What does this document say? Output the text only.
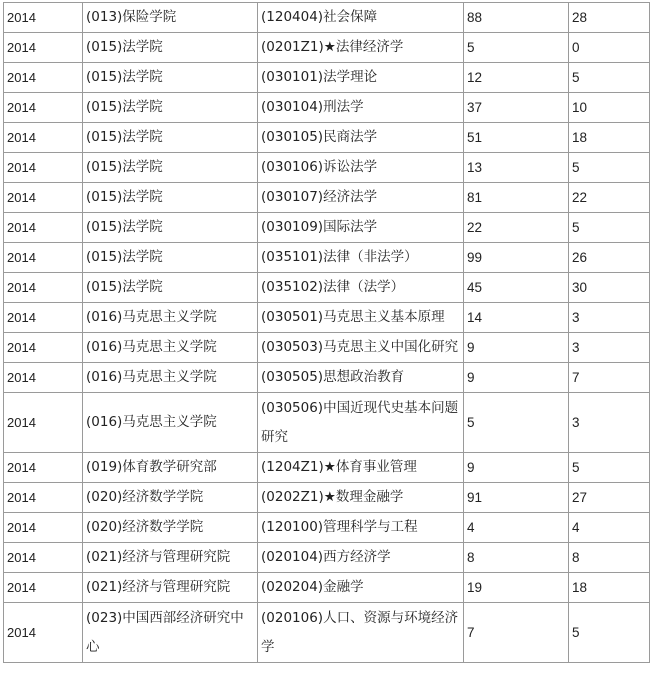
2014	(013)保险学院	(120404)社会保障	88	28
2014	(015)法学院	(0201Z1)★法律经济学	5	0
2014	(015)法学院	(030101)法学理论	12	5
2014	(015)法学院	(030104)刑法学	37	10
2014	(015)法学院	(030105)民商法学	51	18
2014	(015)法学院	(030106)诉讼法学	13	5
2014	(015)法学院	(030107)经济法学	81	22
2014	(015)法学院	(030109)国际法学	22	5
2014	(015)法学院	(035101)法律（非法学）	99	26
2014	(015)法学院	(035102)法律（法学）	45	30
2014	(016)马克思主义学院	(030501)马克思主义基本原理	14	3
2014	(016)马克思主义学院	(030503)马克思主义中国化研究	9	3
2014	(016)马克思主义学院	(030505)思想政治教育	9	7
2014	(016)马克思主义学院	(030506)中国近现代史基本问题研究	5	3
2014	(019)体育教学研究部	(1204Z1)★体育事业管理	9	5
2014	(020)经济数学学院	(0202Z1)★数理金融学	91	27
2014	(020)经济数学学院	(120100)管理科学与工程	4	4
2014	(021)经济与管理研究院	(020104)西方经济学	8	8
2014	(021)经济与管理研究院	(020204)金融学	19	18
2014	(023)中国西部经济研究中心	(020106)人口、资源与环境经济学	7	5
